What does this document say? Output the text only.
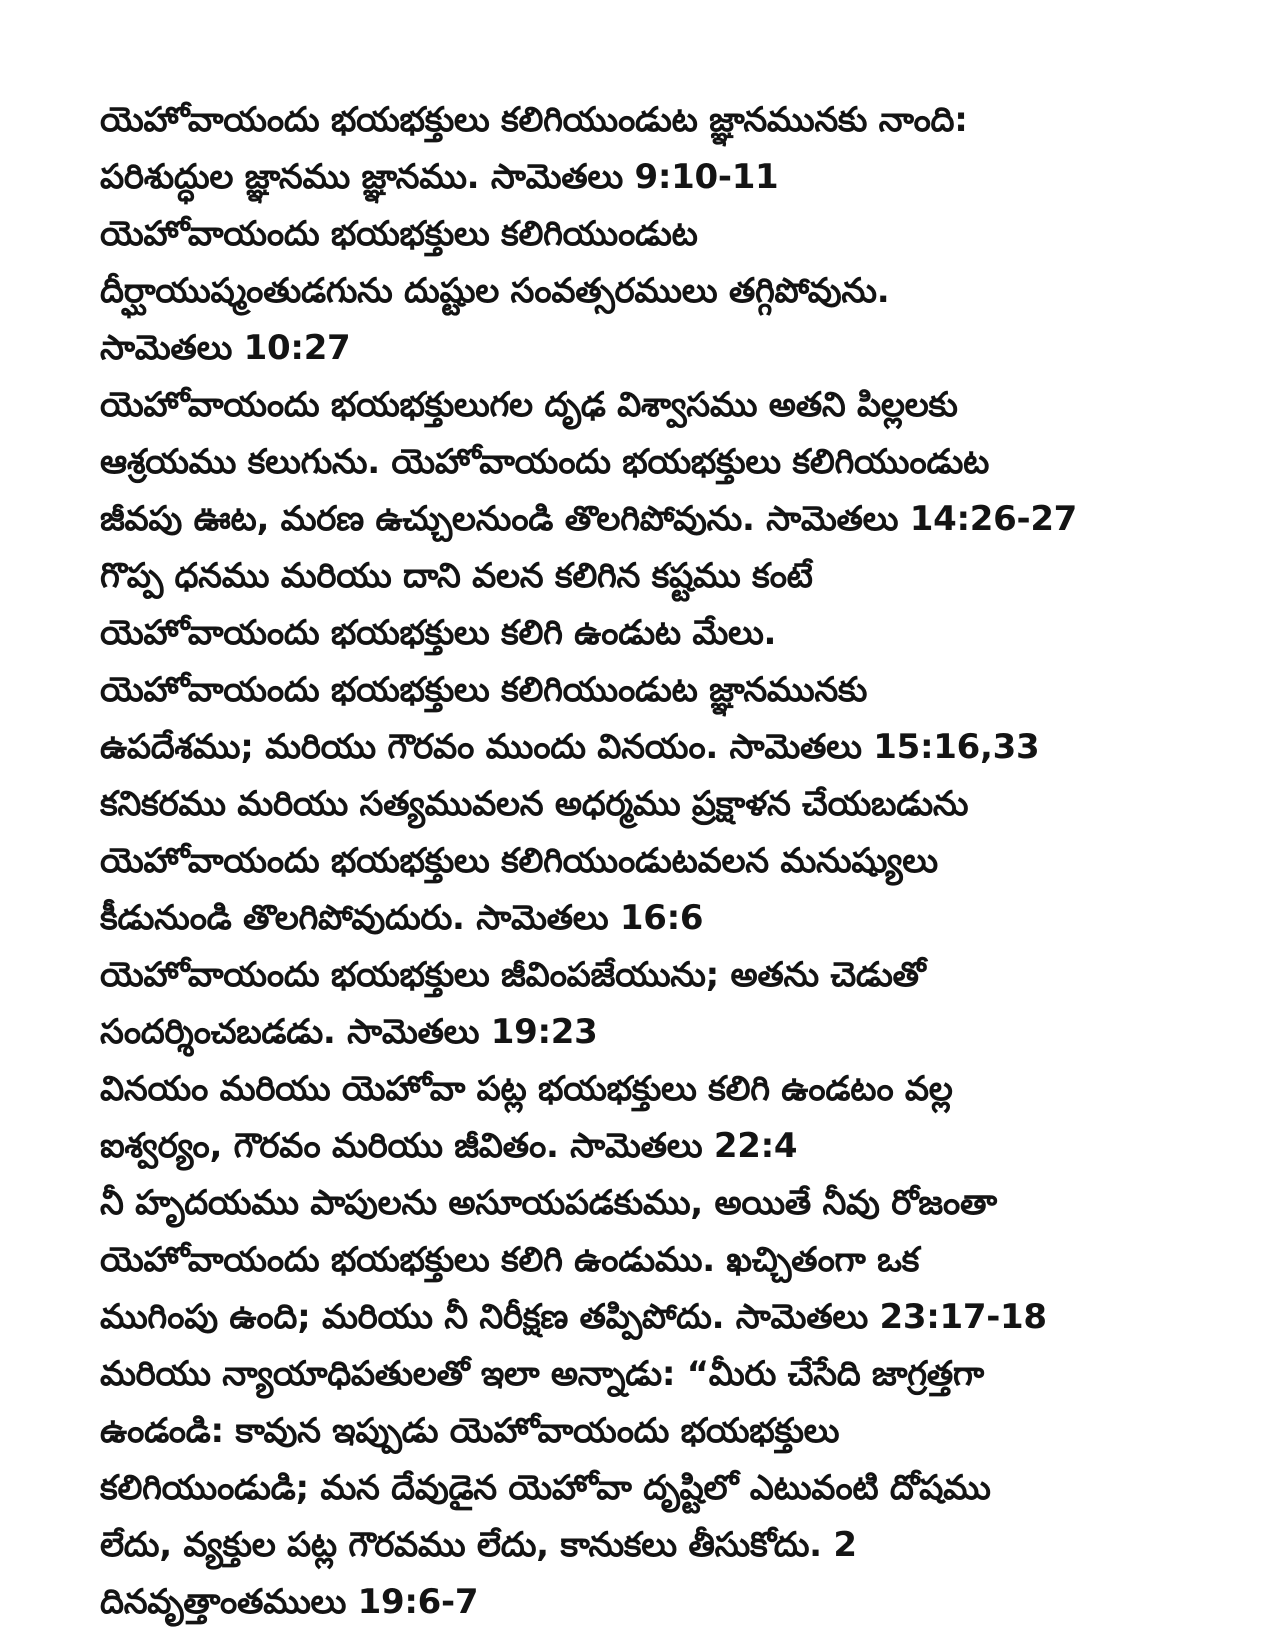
యెహోవాయందు భయభక్తులు కలిగియుండుట జ్ఞానమునకు నాంది:
పరిశుద్ధుల జ్ఞానము జ్ఞానము. సామెతలు 9:10-11
యెహోవాయందు భయభక్తులు కలిగియుండుట
దీర్ఘాయుష్మంతుడగును దుష్టుల సంవత్సరములు తగ్గిపోవును.
సామెతలు 10:27
యెహోవాయందు భయభక్తులుగల దృఢ విశ్వాసము అతని పిల్లలకు
ఆశ్రయము కలుగును. యెహోవాయందు భయభక్తులు కలిగియుండుట
జీవపు ఊట, మరణ ఉచ్చులనుండి తొలగిపోవును. సామెతలు 14:26-27
గొప్ప ధనము మరియు దాని వలన కలిగిన కష్టము కంటే
యెహోవాయందు భయభక్తులు కలిగి ఉండుట మేలు.
యెహోవాయందు భయభక్తులు కలిగియుండుట జ్ఞానమునకు
ఉపదేశము; మరియు గౌరవం ముందు వినయం. సామెతలు 15:16,33
కనికరము మరియు సత్యమువలన అధర్మము ప్రక్షాళన చేయబడును
యెహోవాయందు భయభక్తులు కలిగియుండుటవలన మనుష్యులు
కీడునుండి తొలగిపోవుదురు. సామెతలు 16:6
యెహోవాయందు భయభక్తులు జీవింపజేయును; అతను చెడుతో
సందర్శించబడడు. సామెతలు 19:23
వినయం మరియు యెహోవా పట్ల భయభక్తులు కలిగి ఉండటం వల్ల
ఐశ్వర్యం, గౌరవం మరియు జీవితం. సామెతలు 22:4
నీ హృదయము పాపులను అసూయపడకుము, అయితే నీవు రోజంతా
యెహోవాయందు భయభక్తులు కలిగి ఉండుము. ఖచ్చితంగా ఒక
ముగింపు ఉంది; మరియు నీ నిరీక్షణ తప్పిపోదు. సామెతలు 23:17-18
మరియు న్యాయాధిపతులతో ఇలా అన్నాడు: “మీరు చేసేది జాగ్రత్తగా
ఉండండి: కావున ఇప్పుడు యెహోవాయందు భయభక్తులు
కలిగియుండుడి; మన దేవుడైన యెహోవా దృష్టిలో ఎటువంటి దోషము
లేదు, వ్యక్తుల పట్ల గౌరవము లేదు, కానుకలు తీసుకోదు. 2
దినవృత్తాంతములు 19:6-7
